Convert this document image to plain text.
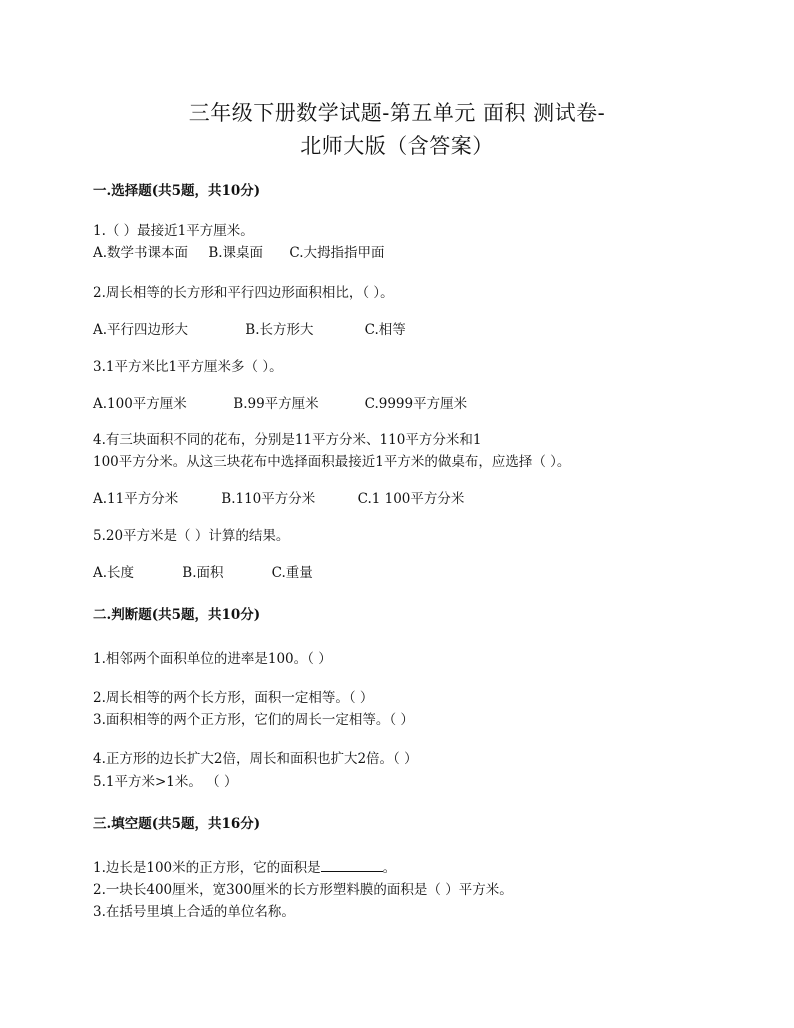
三年级下册数学试题-第五单元 面积 测试卷-
北师大版（含答案）
一.选择题(共5题，共10分)
1.（ ）最接近1平方厘米。
A.数学书课本面 B.课桌面 C.大拇指指甲面
2.周长相等的长方形和平行四边形面积相比，（ ）。
A.平行四边形大	B.长方形大	C.相等
3.1平方米比1平方厘米多（ ）。
A.100平方厘米	B.99平方厘米	C.9999平方厘米
4.有三块面积不同的花布，分别是11平方分米、110平方分米和1
100平方分米。从这三块花布中选择面积最接近1平方米的做桌布，应选择（ ）。
A.11平方分米	B.110平方分米	C.1 100平方分米
5.20平方米是（ ）计算的结果。
A.长度	B.面积	C.重量
二.判断题(共5题，共10分)
1.相邻两个面积单位的进率是100。（ ）
2.周长相等的两个长方形，面积一定相等。（ ）
3.面积相等的两个正方形，它们的周长一定相等。（ ）
4.正方形的边长扩大2倍，周长和面积也扩大2倍。（ ）
5.1平方米>1米。 （ ）
三.填空题(共5题，共16分)
1.边长是100米的正方形，它的面积是	。
2.一块长400厘米，宽300厘米的长方形塑料膜的面积是（ ）平方米。
3.在括号里填上合适的单位名称。
